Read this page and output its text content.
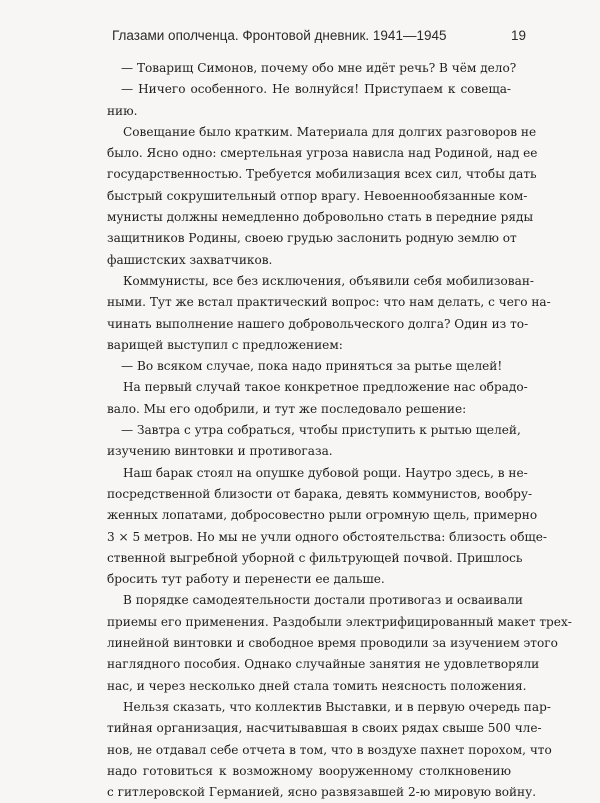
Глазами ополченца. Фронтовой дневник. 1941—1945	19

— Товарищ Симонов, почему обо мне идёт речь? В чём дело?

— Ничего особенного. Не волнуйся! Приступаем к совеща-
нию.

Совещание было кратким. Материала для долгих разговоров не
было. Ясно одно: смертельная угроза нависла над Родиной, над ее
государственностью. Требуется мобилизация всех сил, чтобы дать
быстрый сокрушительный отпор врагу. Невоеннообязанные ком-
мунисты должны немедленно добровольно стать в передние ряды
защитников Родины, своею грудью заслонить родную землю от
фашистских захватчиков.

Коммунисты, все без исключения, объявили себя мобилизован-
ными. Тут же встал практический вопрос: что нам делать, с чего на-
чинать выполнение нашего добровольческого долга? Один из то-
варищей выступил с предложением:

— Во всяком случае, пока надо приняться за рытье щелей!

На первый случай такое конкретное предложение нас обрадо-
вало. Мы его одобрили, и тут же последовало решение:

— Завтра с утра собраться, чтобы приступить к рытью щелей,
изучению винтовки и противогаза.

Наш барак стоял на опушке дубовой рощи. Наутро здесь, в не-
посредственной близости от барака, девять коммунистов, вообру-
женных лопатами, добросовестно рыли огромную щель, примерно
3 × 5 метров. Но мы не учли одного обстоятельства: близость обще-
ственной выгребной уборной с фильтрующей почвой. Пришлось
бросить тут работу и перенести ее дальше.

В порядке самодеятельности достали противогаз и осваивали
приемы его применения. Раздобыли электрифицированный макет трех-
линейной винтовки и свободное время проводили за изучением этого
наглядного пособия. Однако случайные занятия не удовлетворяли
нас, и через несколько дней стала томить неясность положения.

Нельзя сказать, что коллектив Выставки, и в первую очередь пар-
тийная организация, насчитывавшая в своих рядах свыше 500 чле-
нов, не отдавал себе отчета в том, что в воздухе пахнет порохом, что
надо готовиться к возможному вооруженному столкновению
с гитлеровской Германией, ясно развязавшей 2-ю мировую войну.
